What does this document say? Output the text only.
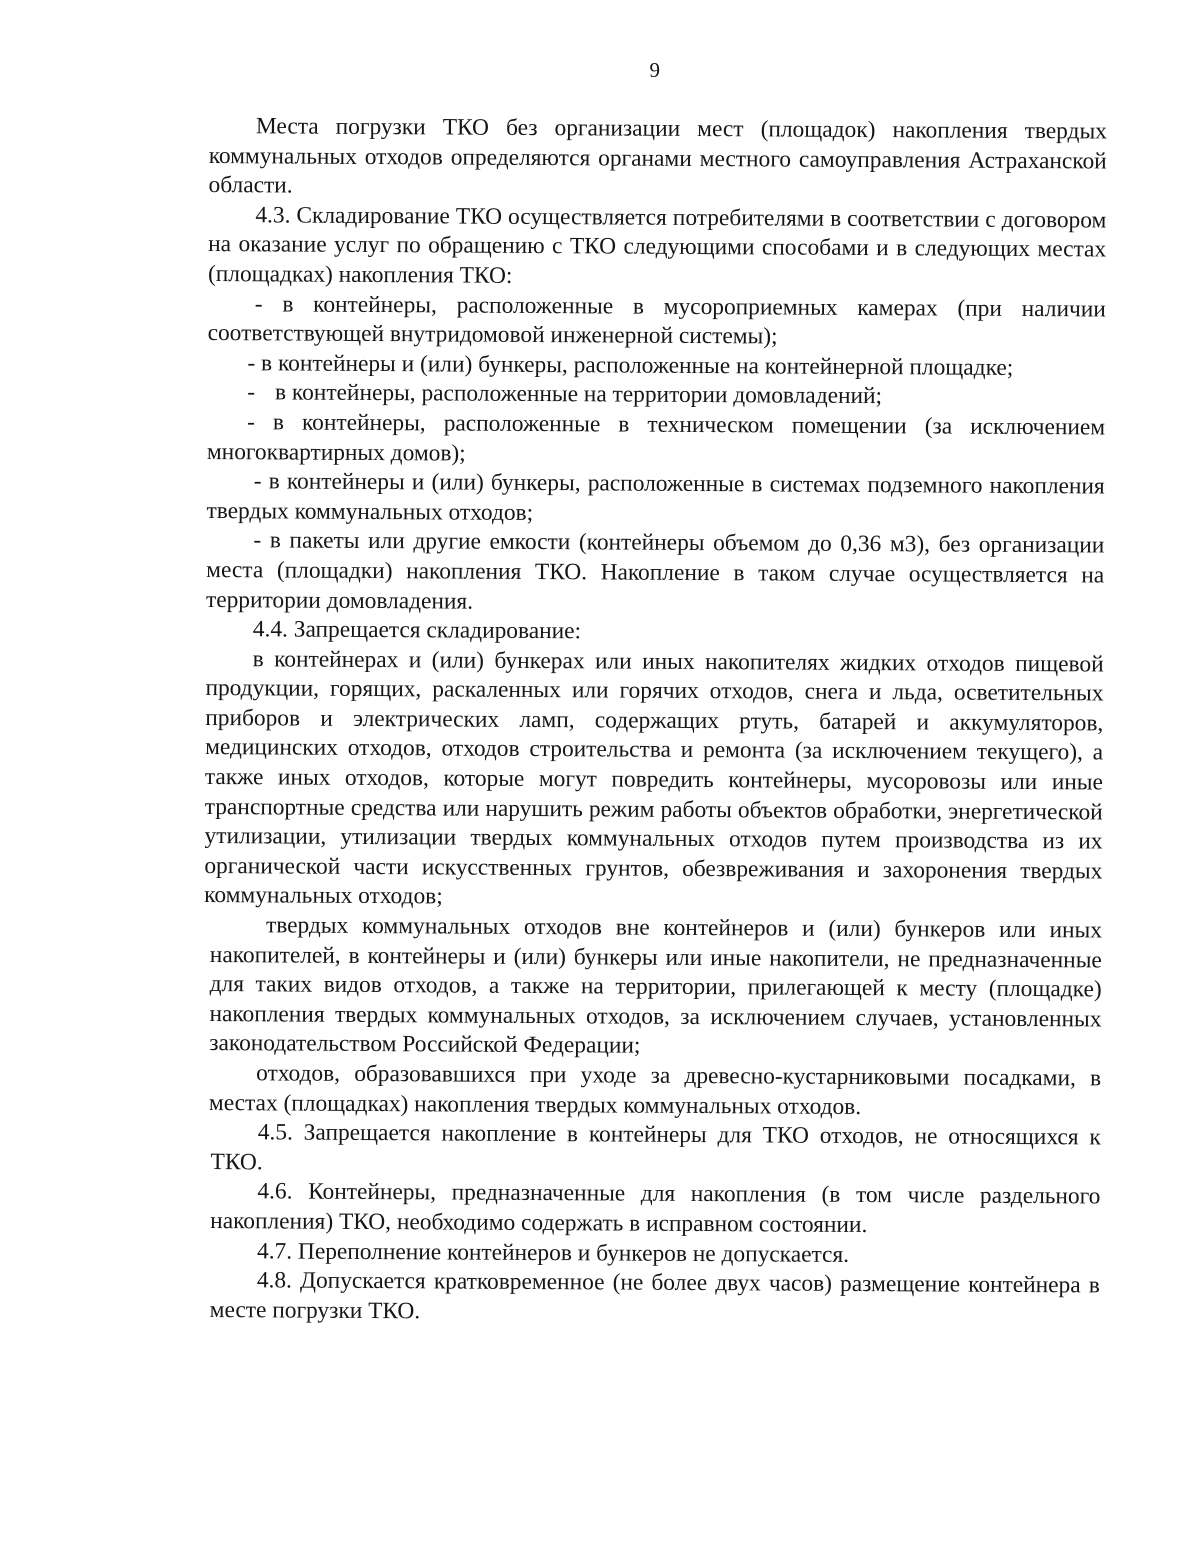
9

Места погрузки ТКО без организации мест (площадок) накопления твердых коммунальных отходов определяются органами местного самоуправления Астраханской области.

4.3. Складирование ТКО осуществляется потребителями в соответствии с договором на оказание услуг по обращению с ТКО следующими способами и в следующих местах (площадках) накопления ТКО:

- в контейнеры, расположенные в мусороприемных камерах (при наличии соответствующей внутридомовой инженерной системы);

- в контейнеры и (или) бункеры, расположенные на контейнерной площадке;

- в контейнеры, расположенные на территории домовладений;

- в контейнеры, расположенные в техническом помещении (за исключением многоквартирных домов);

- в контейнеры и (или) бункеры, расположенные в системах подземного накопления твердых коммунальных отходов;

- в пакеты или другие емкости (контейнеры объемом до 0,36 м3), без организации места (площадки) накопления ТКО. Накопление в таком случае осуществляется на территории домовладения.

4.4. Запрещается складирование:

в контейнерах и (или) бункерах или иных накопителях жидких отходов пищевой продукции, горящих, раскаленных или горячих отходов, снега и льда, осветительных приборов и электрических ламп, содержащих ртуть, батарей и аккумуляторов, медицинских отходов, отходов строительства и ремонта (за исключением текущего), а также иных отходов, которые могут повредить контейнеры, мусоровозы или иные транспортные средства или нарушить режим работы объектов обработки, энергетической утилизации, утилизации твердых коммунальных отходов путем производства из их органической части искусственных грунтов, обезвреживания и захоронения твердых коммунальных отходов;

твердых коммунальных отходов вне контейнеров и (или) бункеров или иных накопителей, в контейнеры и (или) бункеры или иные накопители, не предназначенные для таких видов отходов, а также на территории, прилегающей к месту (площадке) накопления твердых коммунальных отходов, за исключением случаев, установленных законодательством Российской Федерации;

отходов, образовавшихся при уходе за древесно-кустарниковыми посадками, в местах (площадках) накопления твердых коммунальных отходов.

4.5. Запрещается накопление в контейнеры для ТКО отходов, не относящихся к ТКО.

4.6. Контейнеры, предназначенные для накопления (в том числе раздельного накопления) ТКО, необходимо содержать в исправном состоянии.

4.7. Переполнение контейнеров и бункеров не допускается.

4.8. Допускается кратковременное (не более двух часов) размещение контейнера в месте погрузки ТКО.
